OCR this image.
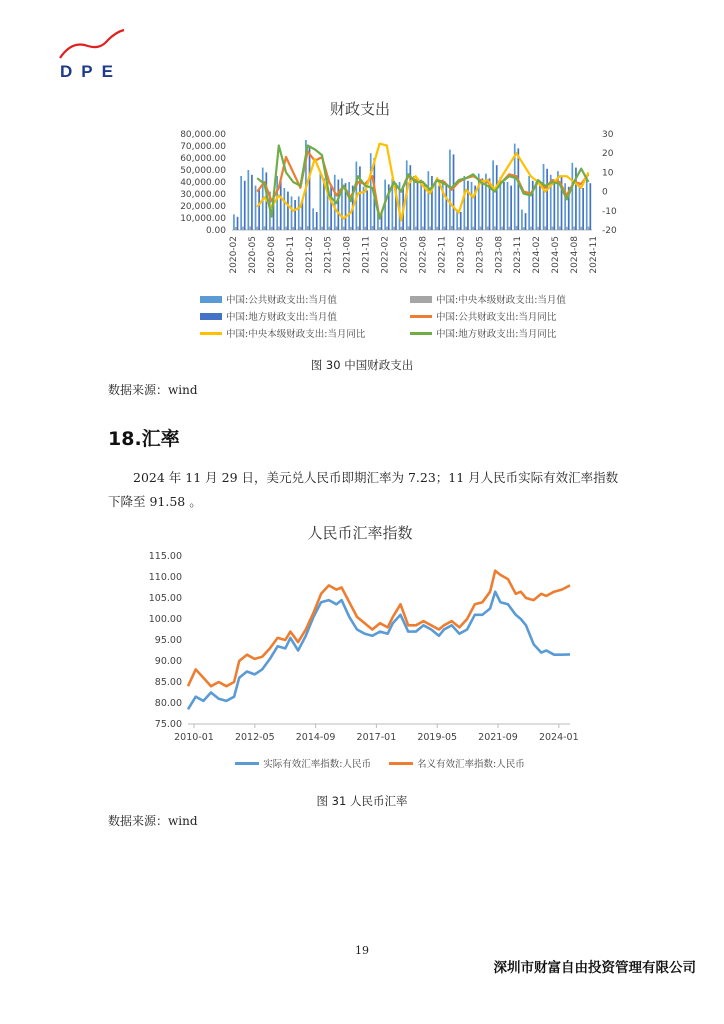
DPE
财政支出
0.00
10,000.00
20,000.00
30,000.00
40,000.00
50,000.00
60,000.00
70,000.00
80,000.00
-20
-10
0
10
20
30
2020-02 2020-05 2020-08 2020-11 2021-02 2021-05 2021-08 2021-11 2022-02 2022-05 2022-08 2022-11 2023-02 2023-05 2023-08 2023-11 2024-02 2024-05 2024-08 2024-11
中国:公共财政支出:当月值	中国:中央本级财政支出:当月值
中国:地方财政支出:当月值	中国:公共财政支出:当月同比
中国:中央本级财政支出:当月同比	中国:地方财政支出:当月同比
图 30 中国财政支出
数据来源：wind
18.汇率
2024 年 11 月 29 日，美元兑人民币即期汇率为 7.23；11 月人民币实际有效汇率指数下降至 91.58 。
人民币汇率指数
75.00
80.00
85.00
90.00
95.00
100.00
105.00
110.00
115.00
2010-01 2012-05 2014-09 2017-01 2019-05 2021-09 2024-01
实际有效汇率指数:人民币	名义有效汇率指数:人民币
图 31 人民币汇率
数据来源：wind
19
深圳市财富自由投资管理有限公司
